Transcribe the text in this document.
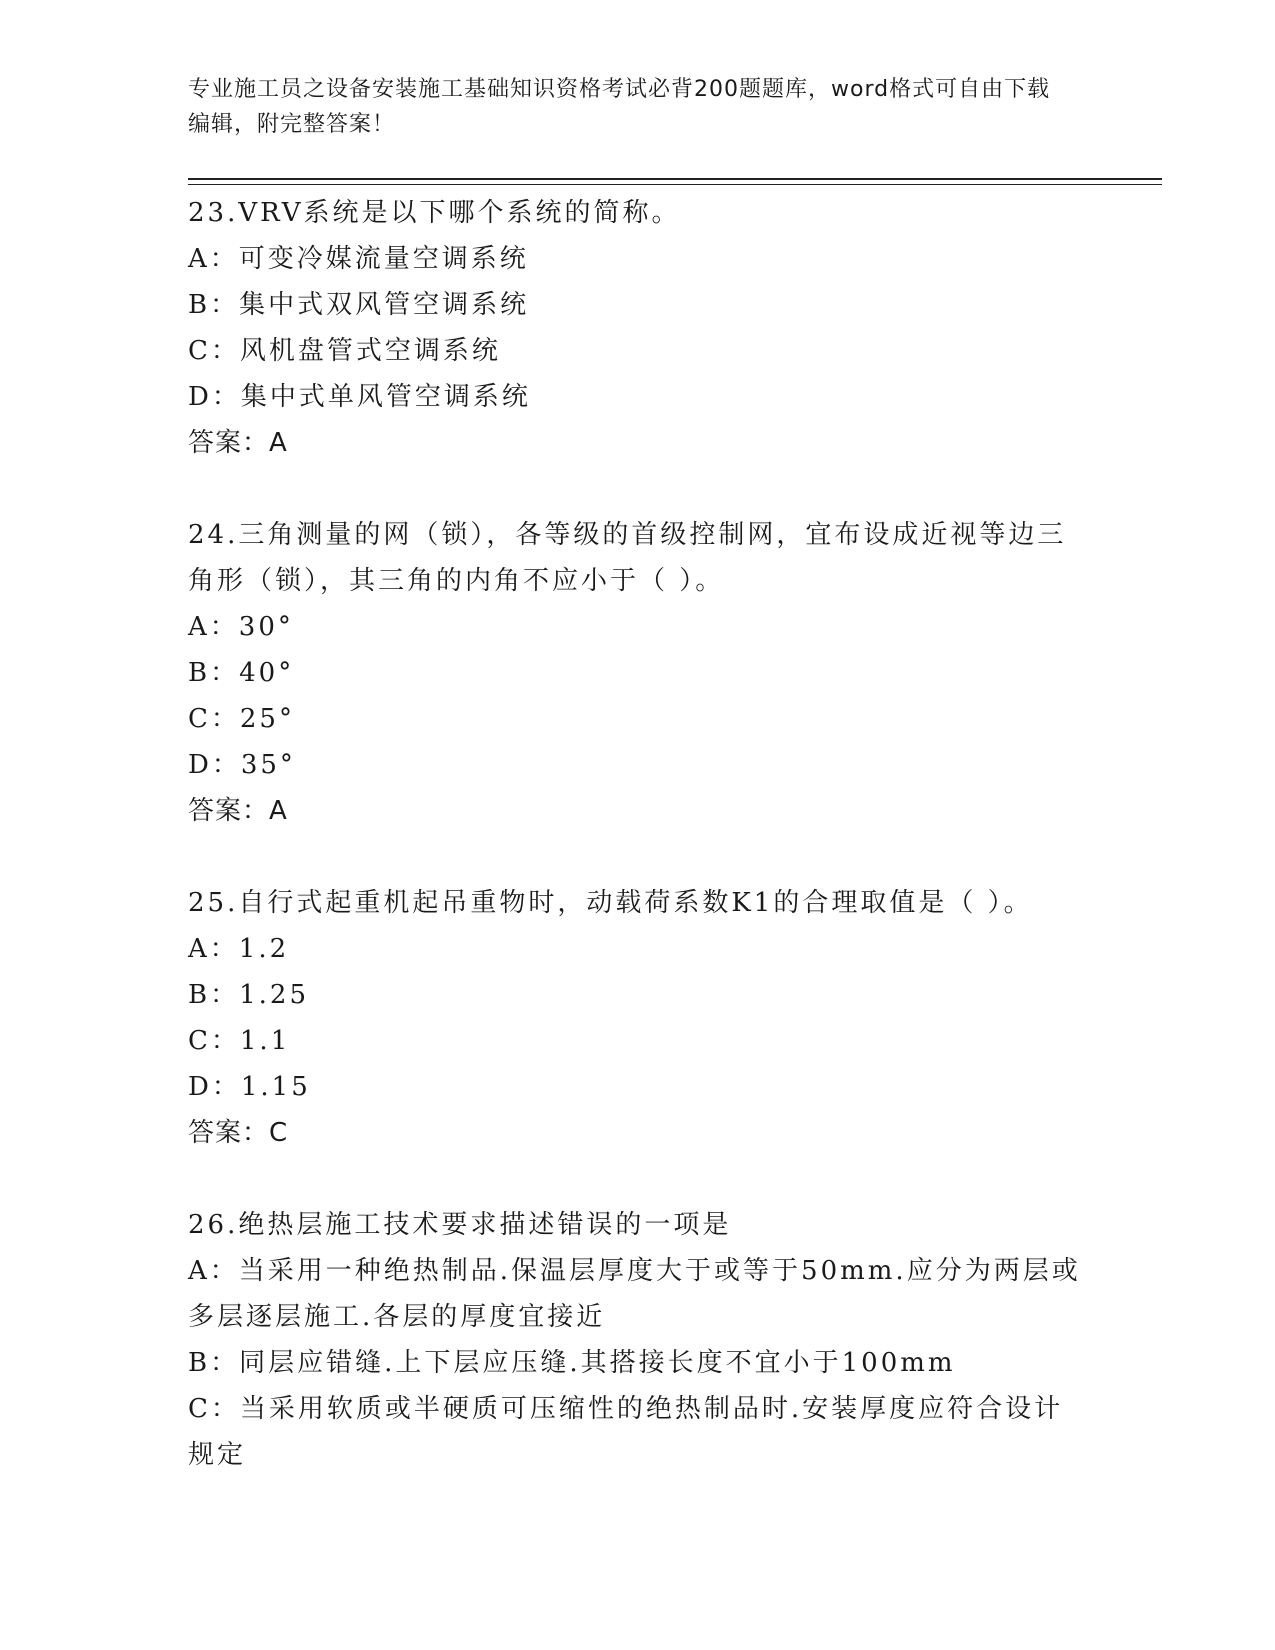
专业施工员之设备安装施工基础知识资格考试必背200题题库，word格式可自由下载编辑，附完整答案！
23.VRV系统是以下哪个系统的简称。
A：可变冷媒流量空调系统
B：集中式双风管空调系统
C：风机盘管式空调系统
D：集中式单风管空调系统
答案：A
24.三角测量的网（锁），各等级的首级控制网，宜布设成近视等边三角形（锁），其三角的内角不应小于（ ）。
A：30°
B：40°
C：25°
D：35°
答案：A
25.自行式起重机起吊重物时，动载荷系数K1的合理取值是（ ）。
A：1.2
B：1.25
C：1.1
D：1.15
答案：C
26.绝热层施工技术要求描述错误的一项是
A：当采用一种绝热制品.保温层厚度大于或等于50mm.应分为两层或多层逐层施工.各层的厚度宜接近
B：同层应错缝.上下层应压缝.其搭接长度不宜小于100mm
C：当采用软质或半硬质可压缩性的绝热制品时.安装厚度应符合设计规定
